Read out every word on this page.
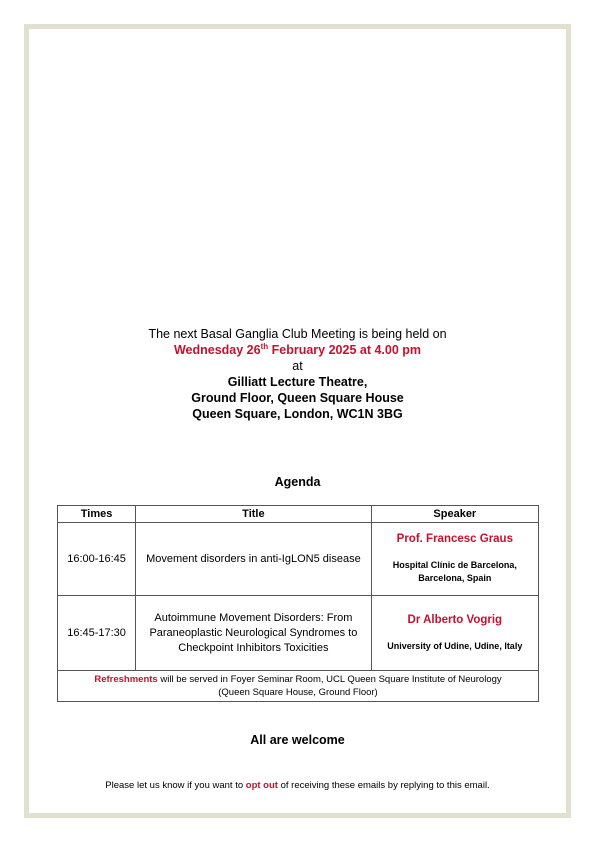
The next Basal Ganglia Club Meeting is being held on
Wednesday 26th February 2025 at 4.00 pm
at
Gilliatt Lecture Theatre,
Ground Floor, Queen Square House
Queen Square, London, WC1N 3BG
Agenda
Times	Title	Speaker
16:00-16:45	Movement disorders in anti-IgLON5 disease	Prof. Francesc Graus
Hospital Clínic de Barcelona, Barcelona, Spain

16:45-17:30	Autoimmune Movement Disorders: From Paraneoplastic Neurological Syndromes to Checkpoint Inhibitors Toxicities	Dr Alberto Vogrig
University of Udine, Udine, Italy

Refreshments will be served in Foyer Seminar Room, UCL Queen Square Institute of Neurology
(Queen Square House, Ground Floor)		
All are welcome
Please let us know if you want to opt out of receiving these emails by replying to this email.
